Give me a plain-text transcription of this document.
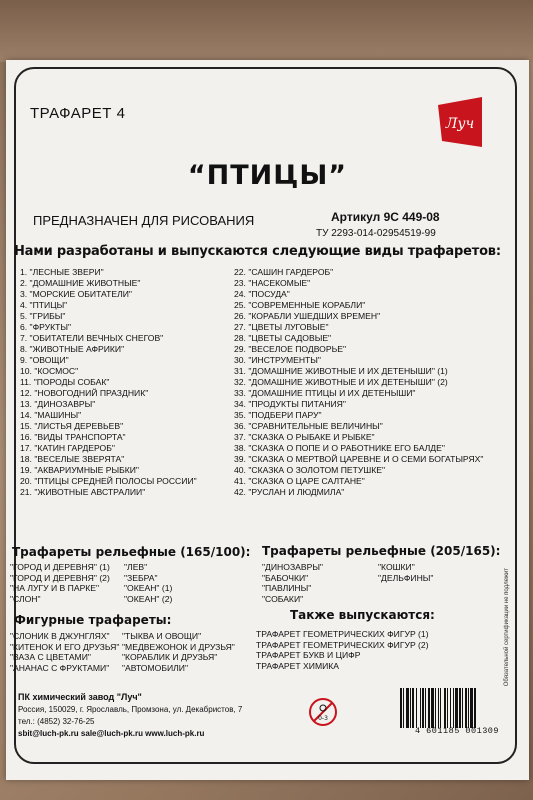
ТРАФАРЕТ 4
Луч
“ПТИЦЫ”
ПРЕДНАЗНАЧЕН ДЛЯ РИСОВАНИЯ	Артикул 9С 449-08
ТУ 2293-014-02954519-99
Нами разработаны и выпускаются следующие виды трафаретов:
1. "ЛЕСНЫЕ ЗВЕРИ"
2. "ДОМАШНИЕ ЖИВОТНЫЕ"
3. "МОРСКИЕ ОБИТАТЕЛИ"
4. "ПТИЦЫ"
5. "ГРИБЫ"
6. "ФРУКТЫ"
7. "ОБИТАТЕЛИ ВЕЧНЫХ СНЕГОВ"
8. "ЖИВОТНЫЕ АФРИКИ"
9. "ОВОЩИ"
10. "КОСМОС"
11. "ПОРОДЫ СОБАК"
12. "НОВОГОДНИЙ ПРАЗДНИК"
13. "ДИНОЗАВРЫ"
14. "МАШИНЫ"
15. "ЛИСТЬЯ ДЕРЕВЬЕВ"
16. "ВИДЫ ТРАНСПОРТА"
17. "КАТИН ГАРДЕРОБ"
18. "ВЕСЕЛЫЕ ЗВЕРЯТА"
19. "АКВАРИУМНЫЕ РЫБКИ"
20. "ПТИЦЫ СРЕДНЕЙ ПОЛОСЫ РОССИИ"
21. "ЖИВОТНЫЕ АВСТРАЛИИ"
22. "САШИН ГАРДЕРОБ"
23. "НАСЕКОМЫЕ"
24. "ПОСУДА"
25. "СОВРЕМЕННЫЕ КОРАБЛИ"
26. "КОРАБЛИ УШЕДШИХ ВРЕМЕН"
27. "ЦВЕТЫ ЛУГОВЫЕ"
28. "ЦВЕТЫ САДОВЫЕ"
29. "ВЕСЕЛОЕ ПОДВОРЬЕ"
30. "ИНСТРУМЕНТЫ"
31. "ДОМАШНИЕ ЖИВОТНЫЕ И ИХ ДЕТЕНЫШИ" (1)
32. "ДОМАШНИЕ ЖИВОТНЫЕ И ИХ ДЕТЕНЫШИ" (2)
33. "ДОМАШНИЕ ПТИЦЫ И ИХ ДЕТЕНЫШИ"
34. "ПРОДУКТЫ ПИТАНИЯ"
35. "ПОДБЕРИ ПАРУ"
36. "СРАВНИТЕЛЬНЫЕ ВЕЛИЧИНЫ"
37. "СКАЗКА О РЫБАКЕ И РЫБКЕ"
38. "СКАЗКА О ПОПЕ И О РАБОТНИКЕ ЕГО БАЛДЕ"
39. "СКАЗКА О МЕРТВОЙ ЦАРЕВНЕ И О СЕМИ БОГАТЫРЯХ"
40. "СКАЗКА О ЗОЛОТОМ ПЕТУШКЕ"
41. "СКАЗКА О ЦАРЕ САЛТАНЕ"
42. "РУСЛАН И ЛЮДМИЛА"
Трафареты рельефные (165/100):
"ГОРОД И ДЕРЕВНЯ" (1)
"ГОРОД И ДЕРЕВНЯ" (2)
"НА ЛУГУ И В ПАРКЕ"
"СЛОН"
"ЛЕВ"
"ЗЕБРА"
"ОКЕАН" (1)
"ОКЕАН" (2)
Трафареты рельефные (205/165):
"ДИНОЗАВРЫ"
"БАБОЧКИ"
"ПАВЛИНЫ"
"СОБАКИ"
"КОШКИ"
"ДЕЛЬФИНЫ"
Фигурные трафареты:
"СЛОНИК В ДЖУНГЛЯХ"
"КИТЕНОК И ЕГО ДРУЗЬЯ"
"ВАЗА С ЦВЕТАМИ"
"АНАНАС С ФРУКТАМИ"
"ТЫКВА И ОВОЩИ"
"МЕДВЕЖОНОК И ДРУЗЬЯ"
"КОРАБЛИК И ДРУЗЬЯ"
"АВТОМОБИЛИ"
Также выпускаются:
ТРАФАРЕТ ГЕОМЕТРИЧЕСКИХ ФИГУР (1)
ТРАФАРЕТ ГЕОМЕТРИЧЕСКИХ ФИГУР (2)
ТРАФАРЕТ БУКВ И ЦИФР
ТРАФАРЕТ ХИМИКА
ПК химический завод "Луч"
Россия, 150029, г. Ярославль, Промзона, ул. Декабристов, 7
тел.: (4852) 32-76-25
sbit@luch-pk.ru sale@luch-pk.ru www.luch-pk.ru
0-3
4 601185 001309
Обязательной сертификации не подлежит
